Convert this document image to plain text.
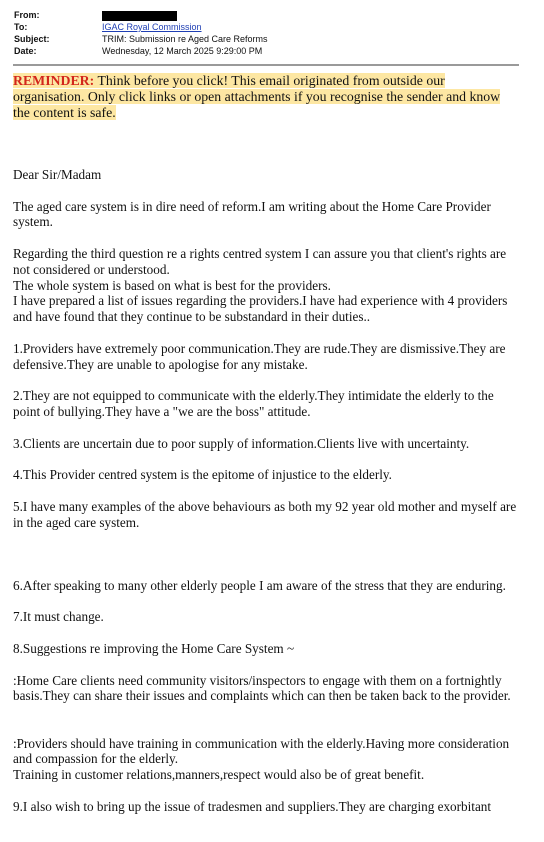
From:
To:	IGAC Royal Commission
Subject:	TRIM: Submission re Aged Care Reforms
Date:	Wednesday, 12 March 2025 9:29:00 PM
REMINDER: Think before you click! This email originated from outside our organisation. Only click links or open attachments if you recognise the sender and know the content is safe.

Dear Sir/Madam

The aged care system is in dire need of reform.I am writing about the Home Care Provider system.

Regarding the third question re a rights centred system I can assure you that client's rights are not considered or understood.

The whole system is based on what is best for the providers.

I have prepared a list of issues regarding the providers.I have had experience with 4 providers and have found that they continue to be substandard in their duties..

1.Providers have extremely poor communication.They are rude.They are dismissive.They are defensive.They are unable to apologise for any mistake.

2.They are not equipped to communicate with the elderly.They intimidate the elderly to the point of bullying.They have a "we are the boss" attitude.

3.Clients are uncertain due to poor supply of information.Clients live with uncertainty.

4.This Provider centred system is the epitome of injustice to the elderly.

5.I have many examples of the above behaviours as both my 92 year old mother and myself are in the aged care system.

6.After speaking to many other elderly people I am aware of the stress that they are enduring.

7.It must change.

8.Suggestions re improving the Home Care System ~

:Home Care clients need community visitors/inspectors to engage with them on a fortnightly basis.They can share their issues and complaints which can then be taken back to the provider.

:Providers should have training in communication with the elderly.Having more consideration and compassion for the elderly.

Training in customer relations,manners,respect would also be of great benefit.

9.I also wish to bring up the issue of tradesmen and suppliers.They are charging exorbitant
